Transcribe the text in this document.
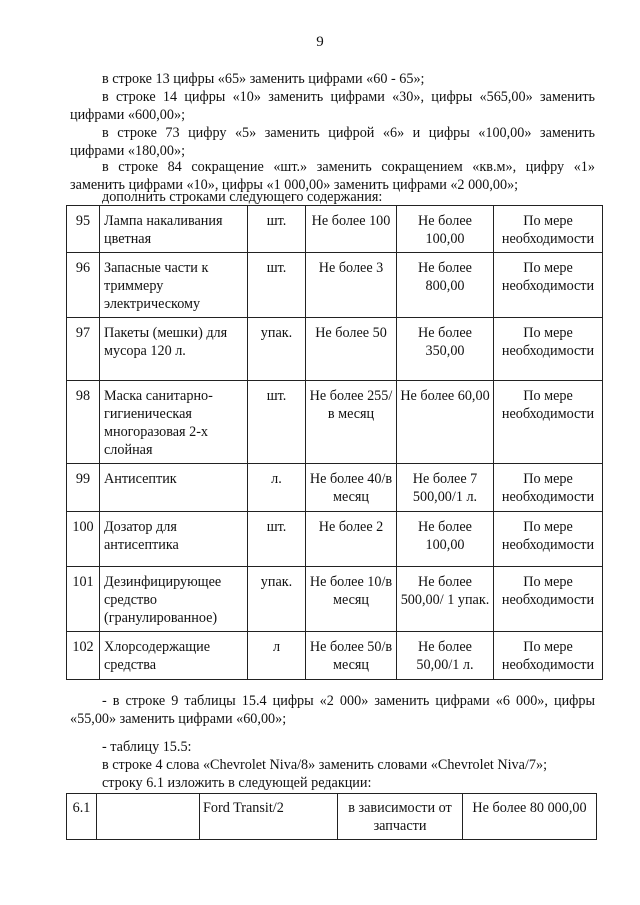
9
в строке 13 цифры «65» заменить цифрами «60 - 65»;
в строке 14 цифры «10» заменить цифрами «30», цифры «565,00» заменить цифрами «600,00»;
в строке 73 цифру «5» заменить цифрой «6» и цифры «100,00» заменить цифрами «180,00»;
в строке 84 сокращение «шт.» заменить сокращением «кв.м», цифру «1» заменить цифрами «10», цифры «1 000,00» заменить цифрами «2 000,00»;
дополнить строками следующего содержания:
95	Лампа накаливания цветная	шт.	Не более 100	Не более 100,00	По мере необходимости
96	Запасные части к триммеру электрическому	шт.	Не более 3	Не более 800,00	По мере необходимости
97	Пакеты (мешки) для мусора 120 л.	упак.	Не более 50	Не более 350,00	По мере необходимости
98	Маска санитарно-гигиеническая многоразовая 2-х слойная	шт.	Не более 255/в месяц	Не более 60,00	По мере необходимости
99	Антисептик	л.	Не более 40/в месяц	Не более 7 500,00/1 л.	По мере необходимости
100	Дозатор для антисептика	шт.	Не более 2	Не более 100,00	По мере необходимости
101	Дезинфицирующее средство (гранулированное)	упак.	Не более 10/в месяц	Не более 500,00/ 1 упак.	По мере необходимости
102	Хлорсодержащие средства	л	Не более 50/в месяц	Не более 50,00/1 л.	По мере необходимости
- в строке 9 таблицы 15.4 цифры «2 000» заменить цифрами «6 000», цифры «55,00» заменить цифрами «60,00»;
- таблицу 15.5:
в строке 4 слова «Chevrolet Niva/8» заменить словами «Chevrolet Niva/7»;
строку 6.1 изложить в следующей редакции:
6.1		Ford Transit/2	в зависимости от запчасти	Не более 80 000,00
